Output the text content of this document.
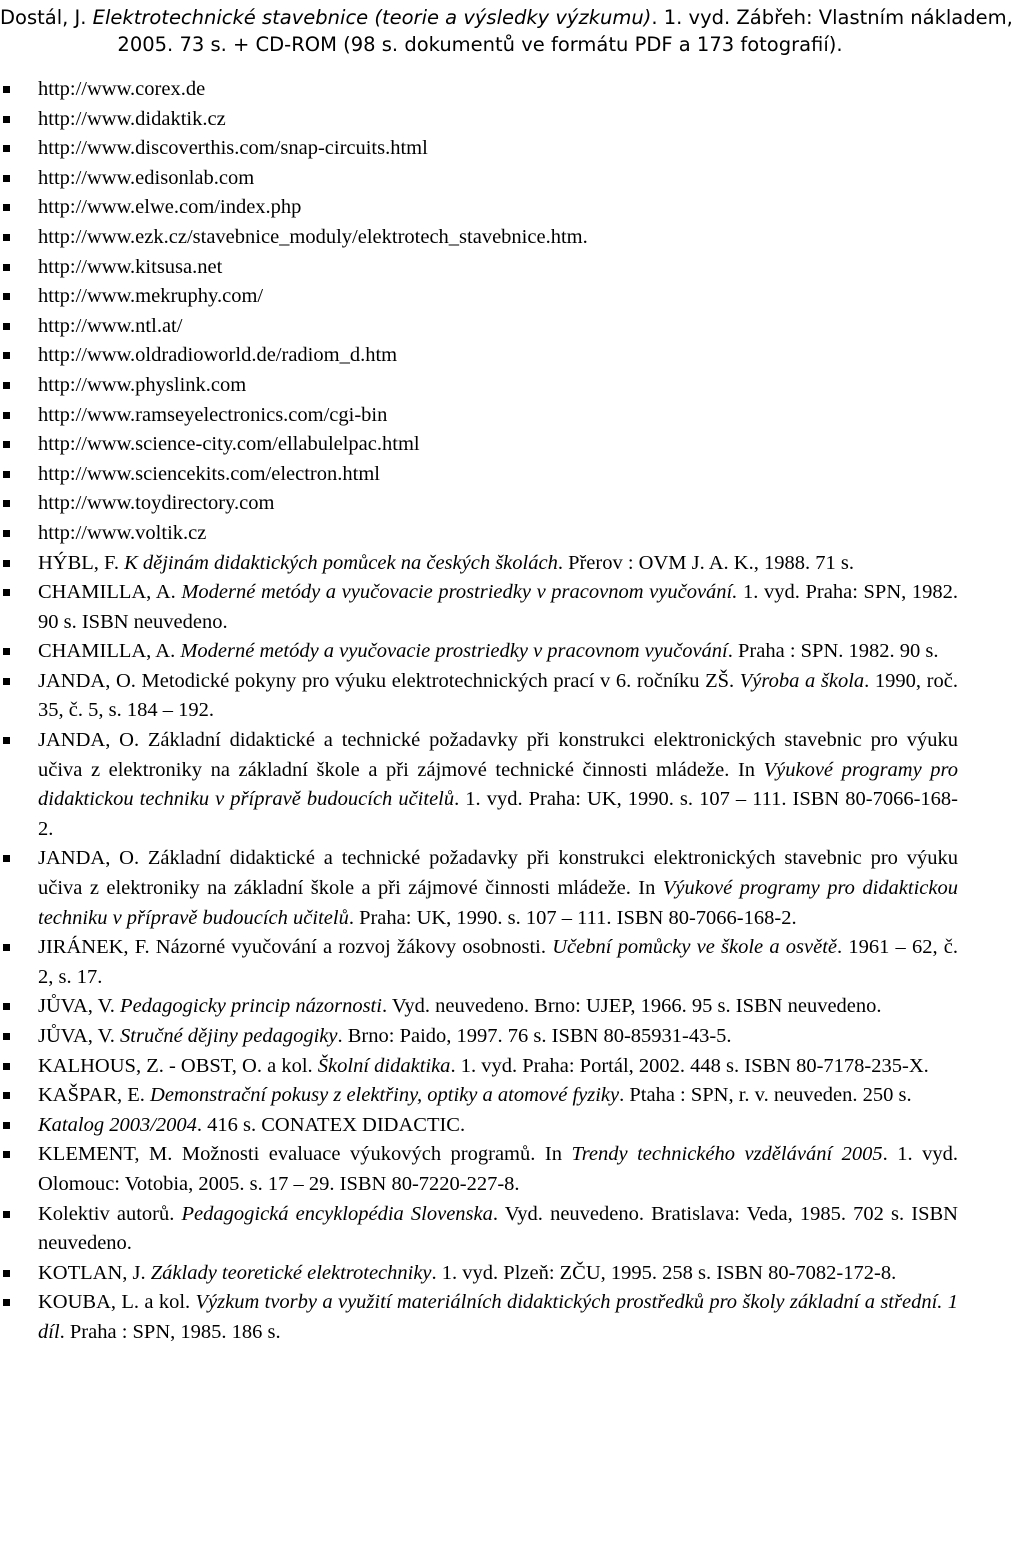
Dostál, J. Elektrotechnické stavebnice (teorie a výsledky výzkumu). 1. vyd. Zábřeh: Vlastním nákladem,
2005. 73 s. + CD-ROM (98 s. dokumentů ve formátu PDF a 173 fotografií).
http://www.corex.de
http://www.didaktik.cz
http://www.discoverthis.com/snap-circuits.html
http://www.edisonlab.com
http://www.elwe.com/index.php
http://www.ezk.cz/stavebnice_moduly/elektrotech_stavebnice.htm.
http://www.kitsusa.net
http://www.mekruphy.com/
http://www.ntl.at/
http://www.oldradioworld.de/radiom_d.htm
http://www.physlink.com
http://www.ramseyelectronics.com/cgi-bin
http://www.science-city.com/ellabulelpac.html
http://www.sciencekits.com/electron.html
http://www.toydirectory.com
http://www.voltik.cz
HÝBL, F. K dějinám didaktických pomůcek na českých školách. Přerov : OVM J. A. K., 1988. 71 s.
CHAMILLA, A. Moderné metódy a vyučovacie prostriedky v pracovnom vyučování. 1. vyd. Praha: SPN, 1982. 90 s. ISBN neuvedeno.
CHAMILLA, A. Moderné metódy a vyučovacie prostriedky v pracovnom vyučování. Praha : SPN. 1982. 90 s.
JANDA, O. Metodické pokyny pro výuku elektrotechnických prací v 6. ročníku ZŠ. Výroba a škola. 1990, roč. 35, č. 5, s. 184 – 192.
JANDA, O. Základní didaktické a technické požadavky při konstrukci elektronických stavebnic pro výuku učiva z elektroniky na základní škole a při zájmové technické činnosti mládeže. In Výukové programy pro didaktickou techniku v přípravě budoucích učitelů. 1. vyd. Praha: UK, 1990. s. 107 – 111. ISBN 80-7066-168-2.
JANDA, O. Základní didaktické a technické požadavky při konstrukci elektronických stavebnic pro výuku učiva z elektroniky na základní škole a při zájmové činnosti mládeže. In Výukové programy pro didaktickou techniku v přípravě budoucích učitelů. Praha: UK, 1990. s. 107 – 111. ISBN 80-7066-168-2.
JIRÁNEK, F. Názorné vyučování a rozvoj žákovy osobnosti. Učební pomůcky ve škole a osvětě. 1961 – 62, č. 2, s. 17.
JŮVA, V. Pedagogicky princip názornosti. Vyd. neuvedeno. Brno: UJEP, 1966. 95 s. ISBN neuvedeno.
JŮVA, V. Stručné dějiny pedagogiky. Brno: Paido, 1997. 76 s. ISBN 80-85931-43-5.
KALHOUS, Z. - OBST, O. a kol. Školní didaktika. 1. vyd. Praha: Portál, 2002. 448 s. ISBN 80-7178-235-X.
KAŠPAR, E. Demonstrační pokusy z elektřiny, optiky a atomové fyziky. Ptaha : SPN, r. v. neuveden. 250 s.
Katalog 2003/2004. 416 s. CONATEX DIDACTIC.
KLEMENT, M. Možnosti evaluace výukových programů. In Trendy technického vzdělávání 2005. 1. vyd. Olomouc: Votobia, 2005. s. 17 – 29. ISBN 80-7220-227-8.
Kolektiv autorů. Pedagogická encyklopédia Slovenska. Vyd. neuvedeno. Bratislava: Veda, 1985. 702 s. ISBN neuvedeno.
KOTLAN, J. Základy teoretické elektrotechniky. 1. vyd. Plzeň: ZČU, 1995. 258 s. ISBN 80-7082-172-8.
KOUBA, L. a kol. Výzkum tvorby a využití materiálních didaktických prostředků pro školy základní a střední. 1 díl. Praha : SPN, 1985. 186 s.
